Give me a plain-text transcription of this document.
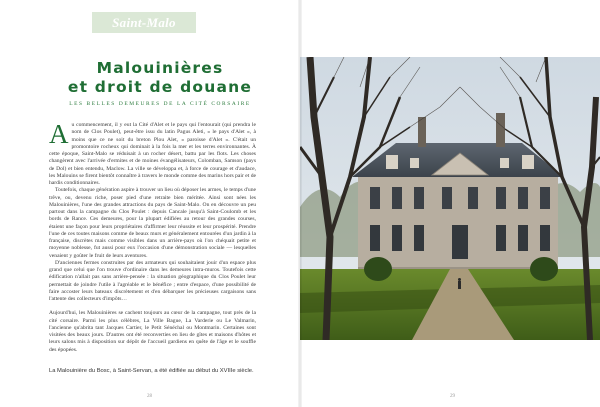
Saint-Malo
Malouinières
et droit de douane
LES BELLES DEMEURES DE LA CITÉ CORSAIRE

Au commencement, il y eut la Cité d'Alet et le pays qui l'entourait (qui prendra le nom de Clos Poulet), peut-être issu du latin Pagus Aleti, « le pays d'Alet », à moins que ce ne soit du breton Plou Alet, « paroisse d'Alet ». C'était un promontoire rocheux qui dominait à la fois la mer et les terres environnantes. À cette époque, Saint-Malo se réduisait à un rocher désert, battu par les flots. Les choses changèrent avec l'arrivée d'ermites et de moines évangélisateurs, Colomban, Samson (pays de Dol) et bien entendu, Maclow. La ville se développa et, à force de courage et d'audace, les Malouins se firent bientôt connaître à travers le monde comme des marins hors pair et de hardis conditionnaires.

Toutefois, chaque génération aspire à trouver un lieu où déposer les armes, le temps d'une trêve, ou, devenu riche, poser pied d'une retraite bien méritée. Ainsi sont nées les Malouinières, l'une des grandes attractions du pays de Saint-Malo. On en découvre un peu partout dans la campagne du Clos Poulet : depuis Cancale jusqu'à Saint-Coulomb et les bords de Rance. Ces demeures, pour la plupart édifiées au retour des grandes courses, étaient une façon pour leurs propriétaires d'affirmer leur réussite et leur prospérité. Prendre l'une de ces toutes maisons comme de beaux murs et généralement entourées d'un jardin à la française, discrètes mais comme visibles dans un arrière-pays où l'on chéquait petite et moyenne noblesse, fut aussi pour eux l'occasion d'une démonstration sociale — lesquelles venaient y goûter le fruit de leurs aventures.

D'anciennes fermes construites par des armateurs qui souhaitaient jouir d'un espace plus grand que celui que l'on trouve d'ordinaire dans les demeures intra-muros. Toutefois cette édification n'allait pas sans arrière-pensée : la situation géographique du Clos Poulet leur permettait de joindre l'utile à l'agréable et le bénéfice ; entre d'espace, d'une possibilité de faire accoster leurs bateaux discrètement et d'en débarquer les précieuses cargaisons sans l'attente des collecteurs d'impôts…

Aujourd'hui, les Malouinières se cachent toujours au cœur de la campagne, tout près de la cité corsaire. Parmi les plus célèbres, La Ville Bague, La Varderie ou Le Valmarin, l'ancienne qu'abrita tant Jacques Cartier, le Petit Sénéchal ou Montmarin. Certaines sont visitées des beaux jours. D'autres ont été reconverties en lieu de gîtes et maisons d'hôtes et leurs salons mis à disposition sur dépôt de l'accueil gardiens en quête de l'âge et le souffle des épopées.

La Malouinière du Bosc, à Saint-Servan, a été édifiée au début du XVIIIe siècle.
28	29
